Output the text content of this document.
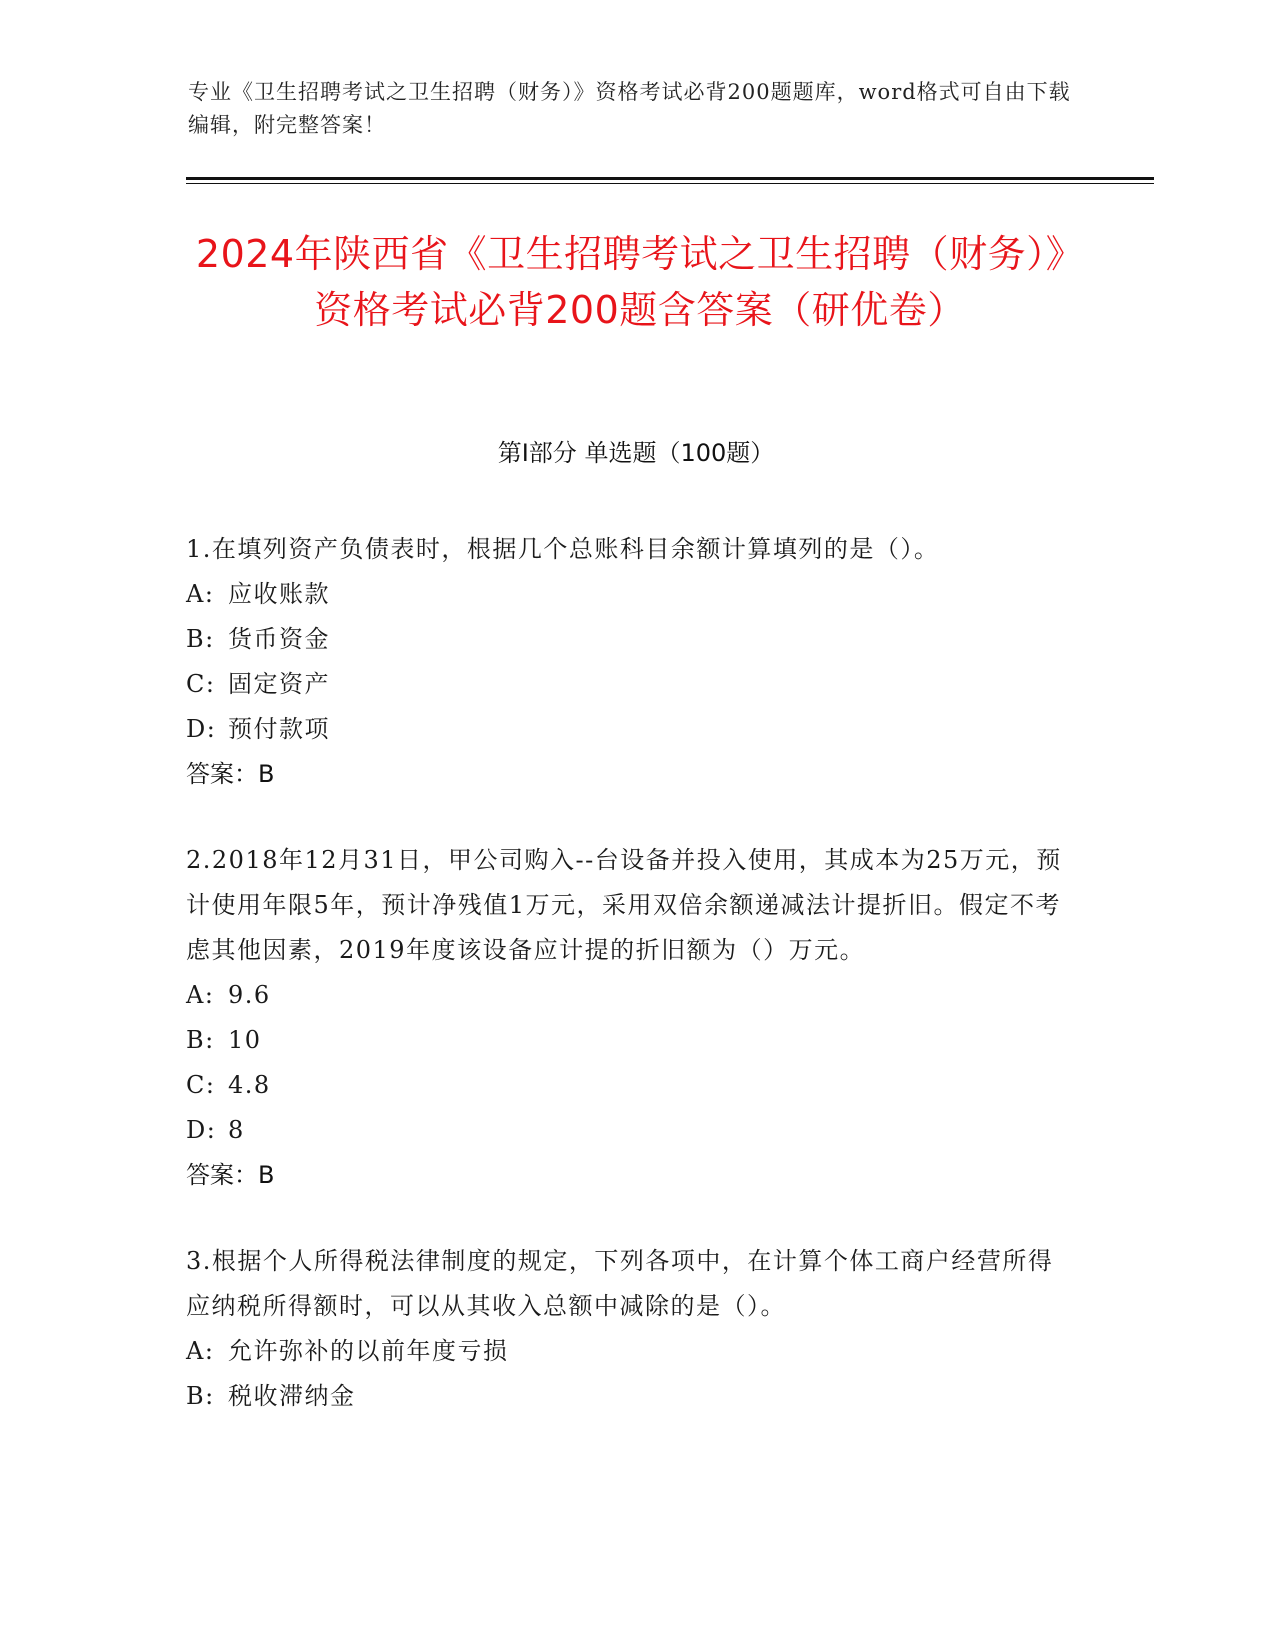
专业《卫生招聘考试之卫生招聘（财务）》资格考试必背200题题库，word格式可自由下载编辑，附完整答案！
2024年陕西省《卫生招聘考试之卫生招聘（财务）》资格考试必背200题含答案（研优卷）
第Ⅰ部分 单选题（100题）

1.在填列资产负债表时，根据几个总账科目余额计算填列的是（）。

A: 应收账款

B: 货币资金

C: 固定资产

D: 预付款项

答案：B

2.2018年12月31日，甲公司购入--台设备并投入使用，其成本为25万元，预计使用年限5年，预计净残值1万元，采用双倍余额递减法计提折旧。假定不考虑其他因素，2019年度该设备应计提的折旧额为（）万元。

A: 9.6

B: 10

C: 4.8

D: 8

答案：B

3.根据个人所得税法律制度的规定，下列各项中，在计算个体工商户经营所得应纳税所得额时，可以从其收入总额中减除的是（）。

A: 允许弥补的以前年度亏损

B: 税收滞纳金
